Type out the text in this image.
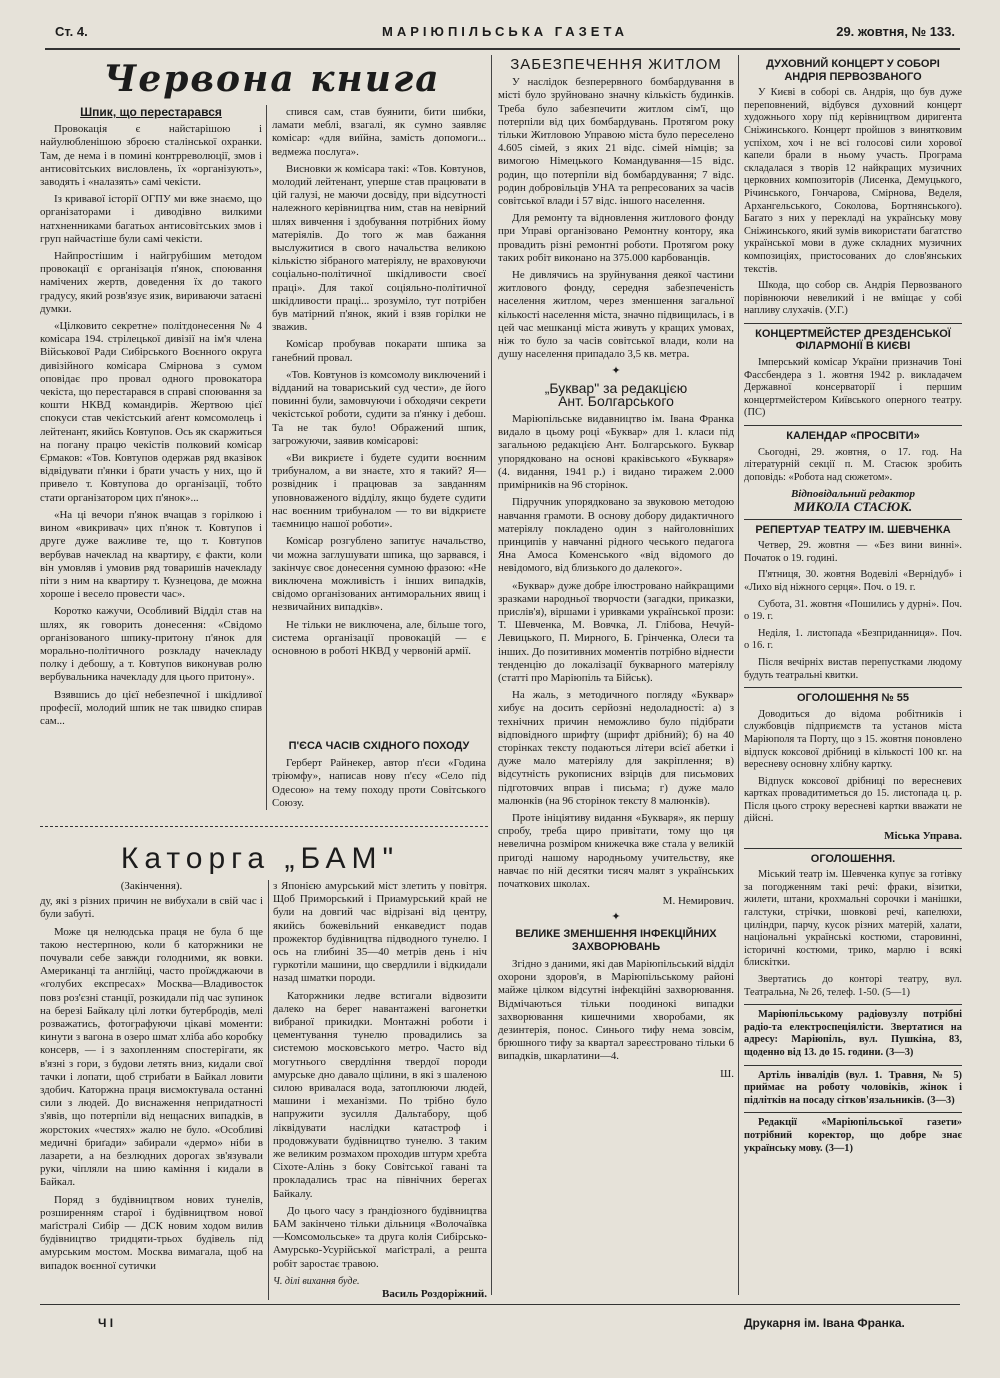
Ст. 4.	МАРІЮПІЛЬСЬКА ГАЗЕТА	29. жовтня, № 133.
Червона книга
Шпик, що перестарався

Провокація є найстарішою і найулюбленішою зброєю сталінської охранки. Там, де нема і в помині контрреволюції, змов і антисовітських висловлень, їх «організують», заводять і «налазять» самі чекісти.

Із кривавої історії ОГПУ ми вже знаємо, що організаторами і диводівно вилкими натхненниками багатьох антисовітських змов і груп найчастіше були самі чекісти.

Найпростішим і найгрубішим методом провокації є організація п'янок, споювання намічених жертв, доведення їх до такого градусу, який розв'язує язик, вириваючи затаєні думки.

«Цілковито секретне» політдонесення № 4 комісара 194. стрілецької дивізії на ім'я члена Військової Ради Сибірського Воєнного округа дивізійного комісара Смірнова з сумом оповідає про провал одного провокатора чекіста, що перестарався в справі споювання за кошти НКВД командирів. Жертвою цієї спокуси став чекістський аґент комсомолець і лейтенант, якийсь Ковтупов. Ось як скаржиться на погану працю чекістів полковий комісар Єрмаков: «Тов. Ковтупов одержав ряд вказівок відвідувати п'янки і брати участь у них, що й привело т. Ковтупова до організації, тобто стати організатором цих п'янок»...

«На ці вечори п'янок вчащав з горілкою і вином «викривач» цих п'янок т. Ковтупов і друге дуже важливе те, що т. Ковтупов вербував начеклад на квартиру, є факти, коли він умовляв і умовив ряд товаришів начекладу піти з ним на квартиру т. Кузнецова, де можна хороше і весело провести час».

Коротко кажучи, Особливий Відділ став на шлях, як говорить донесення: «Свідомо організованого шпику-притону п'янок для морально-політичного розкладу начекладу полку і дебошу, а т. Ковтупов виконував ролю вербувальника начекладу для цього притону».

Взявшись до цієї небезпечної і шкідливої професії, молодий шпик не так швидко спирав сам...

спився сам, став буянити, бити шибки, ламати меблі, взагалі, як сумно заявляє комісар: «для виїйна, замість допомоги... ведмежа послуга».

Висновки ж комісара такі: «Тов. Ковтунов, молодий лейтенант, уперше став працювати в цій галузі, не маючи досвіду, при відсутності належного керівництва ним, став на невірний шлях вивчення і здобування потрібних йому матеріялів. До того ж мав бажання выслужитися в свого начальства великою кількістю зібраного матеріялу, не враховуючи соціально-політичної шкідливости своєї праці». Для такої соціяльно-політичної шкідливости праці... зрозуміло, тут потрібен був матірний п'янок, який і взяв горілки не зважив.

Комісар пробував покарати шпика за ганебний провал.

«Тов. Ковтунов із комсомолу виключений і відданий на товариський суд чести», де його повинні були, замовчуючи і обходячи секрети чекістської роботи, судити за п'янку і дебош. Та не так було! Ображений шпик, загрожуючи, заявив комісарові:

«Ви викриєте і будете судити воєнним трибуналом, а ви знаєте, хто я такий? Я—розвідник і працював за завданням уповноваженого відділу, якщо будете судити нас воєнним трибуналом — то ви відкриєте таємницю нашої роботи».

Комісар розгублено запитує начальство, чи можна заглушувати шпика, що зарвався, і закінчує своє донесення сумною фразою: «Не виключена можливість і інших випадків, свідомо організованих антиморальних явищ і незвичайних випадків».

Не тільки не виключена, але, більше того, система організації провокацій — є основною в роботі НКВД у червоній армії.

П'ЄСА ЧАСІВ СХІДНОГО ПОХОДУ

Герберт Райнекер, автор п'єси «Година тріюмфу», написав нову п'єсу «Село під Одесою» на тему походу проти Совітського Союзу.

Каторга „БАМ"
(Закінчення).

ду, які з різних причин не вибухали в свій час і були забуті.

Може ця нелюдська праця не була б ще такою нестерпною, коли б каторжники не почували себе завжди голодними, як вовки. Американці та англійці, часто проїжджаючи в «голубих експресах» Москва—Владивосток повз роз'єзні станції, розкидали під час зупинок на березі Байкалу цілі лотки бутербродів, мелі розважатись, фотографуючи цікаві моменти: кинути з вагона в озеро шмат хліба або коробку консерв, — і з захопленням спостерігати, як в'язні з гори, з будови летять вниз, кидали свої тачки і лопати, щоб стрибати в Байкал ловити здобич. Каторжна праця висмоктувала останні сили з людей. До виснаження непридатності з'явів, що потерпіли від нещасних випадків, в жорстоких «честях» жалю не було. «Особливі медичні бриґади» забирали «дермо» ніби в лазарети, а на безлюдних дорогах зв'язували руки, чіпляли на шию каміння і кидали в Байкал.

Поряд з будівництвом нових тунелів, розширенням старої і будівництвом нової маґістралі Сибір — ДСК новим ходом вилив будівництво тридцяти-трьох будівель під амурським мостом. Москва вимагала, щоб на випадок воєнної сутички

з Японією амурський міст злетить у повітря. Щоб Приморський і Приамурський край не були на довгий час відрізані від центру, якийсь божевільний енкаведист подав прожектор будівництва підводного тунелю. І ось на глибині 35—40 метрів день і ніч гуркотіли машини, що свердлили і відкидали назад шматки породи.

Каторжники ледве встигали відвозити далеко на берег навантажені вагонетки вибраної прикидки. Монтажні роботи і цементування тунелю провадились за системою московського метро. Часто від могутнього свердління твердої породи амурське дно давало щілини, в які з шаленою силою вривалася вода, затоплюючи людей, машини і механізми. По трібно було напружити зусилля Дальтабору, щоб ліквідувати наслідки катастроф і продовжувати будівництво тунелю. З таким же великим розмахом проходив штурм хребта Сіхоте-Алінь з боку Совітської гавані та прокладались трас на північних берегах Байкалу.

До цього часу з ґрандіозного будівництва БАМ закінчено тільки дільниця «Волочаївка—Комсомольське» та друга колія Сибірсько-Амурсько-Усурійської маґістралі, а решта робіт заростає травою.

Ч. ділі вихання буде.
Василь Роздоріжний.
ЗАБЕЗПЕЧЕННЯ ЖИТЛОМ

У наслідок безперервного бомбардування в місті було зруйновано значну кількість будинків. Треба було забезпечити житлом сім'ї, що потерпіли від цих бомбардувань. Протягом року тільки Житловою Управою міста було переселено 4.605 сімей, з яких 21 відс. сімей німців; за вимогою Німецького Командування—15 відс. родин, що потерпіли від бомбардування; 7 відс. родин добровільців УНА та репресованих за часів совітської влади і 57 відс. іншого населення.

Для ремонту та відновлення житлового фонду при Управі організовано Ремонтну контору, яка провадить різні ремонтні роботи. Протягом року таких робіт виконано на 375.000 карбованців.

Не дивлячись на зруйнування деякої частини житлового фонду, середня забезпеченість населення житлом, через зменшення загальної кількості населення міста, значно підвищилась, і в цей час мешканці міста живуть у кращих умовах, ніж то було за часів совітської влади, коли на душу населення припадало 3,5 кв. метра.

✦
„Буквар" за редакцією
Ант. Болгарського

Маріюпільське видавництво ім. Івана Франка видало в цьому році «Буквар» для 1. класи під загальною редакцією Ант. Болгарського. Буквар упорядковано на основі краківського «Букваря» (4. видання, 1941 р.) і видано тиражем 2.000 примірників на 96 сторінок.

Підручник упорядковано за звуковою методою навчання грамоти. В основу добору дидактичного матеріялу покладено один з найголовніших принципів у навчанні рідного чеського педагога Яна Амоса Коменського «від відомого до невідомого, від близького до далекого».

«Буквар» дуже добре ілюстровано найкращими зразками народньої творчости (загадки, приказки, прислів'я), віршами і уривками української прози: Т. Шевченка, М. Вовчка, Л. Глібова, Нечуй-Левицького, П. Мирного, Б. Грінченка, Олеси та інших. До позитивних моментів потрібно віднести тенденцію до локалізації букварного матеріялу (статті про Маріюпіль та Бійськ).

На жаль, з методичного погляду «Буквар» хибує на досить серйозні недоладності: а) з технічних причин неможливо було підібрати відповідного шрифту (шрифт дрібний); б) на 40 сторінках тексту подаються літери всієї абетки і дуже мало матеріялу для закріплення; в) відсутність рукописних взірців для письмових підготовчих вправ і письма; г) дуже мало малюнків (на 96 сторінок тексту 8 малюнків).

Проте ініціятиву видання «Букваря», як першу спробу, треба щиро привітати, тому що ця невелична розміром книжечка вже стала у великій пригоді нашому народньому учительству, яке навчає по ній десятки тисяч малят з українських початкових школах.

М. Немирович.
✦
ВЕЛИКЕ ЗМЕНШЕННЯ ІНФЕКЦІЙНИХ
ЗАХВОРЮВАНЬ

Згідно з даними, які дав Маріюпільський відділ охорони здоров'я, в Маріюпільському районі майже цілком відсутні інфекційні захворювання. Відмічаються тільки поодинокі випадки захворювання кишечними хворобами, як дезинтерія, понос. Синього тифу нема зовсім, брюшного тифу за квартал зареєстровано тільки 6 випадків, шкарлатини—4.

Ш.
ДУХОВНИЙ КОНЦЕРТ У СОБОРІ
АНДРІЯ ПЕРВОЗВАНОГО

У Києві в соборі св. Андрія, що був дуже переповнений, відбувся духовний концерт художнього хору під керівництвом диригента Сніжинського. Концерт пройшов з винятковим успіхом, хоч і не всі голосові сили хорової капели брали в ньому участь. Програма складалася з творів 12 найкращих музичних церковних композиторів (Лисенка, Демуцького, Річинського, Гончарова, Смірнова, Веделя, Архангельського, Соколова, Бортнянського). Багато з них у перекладі на українську мову Сніжинського, який зумів використати багатство української мови в дуже складних музичних композиціях, пристосованих до слов'янських текстів.

Шкода, що собор св. Андрія Первозваного порівнюючи невеликий і не вміщає у собі напливу слухачів. (У.Г.)

КОНЦЕРТМЕЙСТЕР ДРЕЗДЕНСЬКОЇ
ФІЛАРМОНІЇ В КИЄВІ

Імперський комісар України призначив Тоні Фассбендера з 1. жовтня 1942 р. викладачем Державної консерваторії і першим концертмейстером Київського оперного театру. (ПС)

КАЛЕНДАР «ПРОСВІТИ»

Сьогодні, 29. жовтня, о 17. год. На літературній секції п. М. Стасюк зробить доповідь: «Робота над сюжетом».

Відповідальний редактор
МИКОЛА СТАСЮК.
РЕПЕРТУАР ТЕАТРУ ІМ. ШЕВЧЕНКА

Четвер, 29. жовтня — «Без вини винні». Початок о 19. годині.

П'ятниця, 30. жовтня Водевілі «Вернідуб» і «Лихо від ніжного серця». Поч. о 19. г.

Субота, 31. жовтня «Пошились у дурні». Поч. о 19. г.

Неділя, 1. листопада «Безприданниця». Поч. о 16. г.

Після вечірніх вистав перепустками людому будуть театральні квитки.

ОГОЛОШЕННЯ № 55

Доводиться до відома робітників і службовців підприємств та установ міста Маріюполя та Порту, що з 15. жовтня поновлено відпуск коксової дрібниці в кількості 100 кг. на вересневу основну хлібну картку.

Відпуск коксової дрібниці по вересневих картках провадитиметься до 15. листопада ц. р. Після цього строку вересневі картки вважати не дійсні.

Міська Управа.
ОГОЛОШЕННЯ.

Міський театр ім. Шевченка купує за готівку за погодженням такі речі: фраки, візитки, жилети, штани, крохмальні сорочки і манішки, галстуки, стрічки, шовкові речі, капелюхи, циліндри, парчу, кусок різних матерій, халати, національні українські костюми, старовинні, історичні костюми, трико, марлю і всякі блискітки.

Звертатись до конторі театру, вул. Театральна, № 26, телеф. 1-50. (5—1)

Маріюпільському радіовузлу потрібні радіо-та електроспеціялісти. Звертатися на адресу: Маріюпіль, вул. Пушкіна, 83, щоденно від 13. до 15. години. (3—3)

Артіль інвалідів (вул. 1. Травня, № 5) приймає на роботу чоловіків, жінок і підлітків на посаду сітков'язальників. (3—3)

Редакції «Маріюпільської газети» потрібний коректор, що добре знає українську мову. (3—1)

Ч І	Друкарня ім. Івана Франка.
